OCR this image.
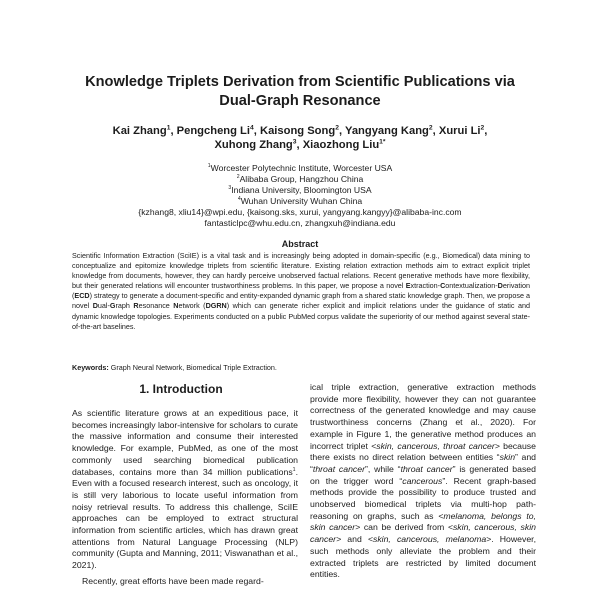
Knowledge Triplets Derivation from Scientific Publications via
Dual-Graph Resonance
Kai Zhang$^1$, Pengcheng Li$^4$, Kaisong Song$^2$, Yangyang Kang$^2$, Xurui Li$^2$,
Xuhong Zhang$^3$, Xiaozhong Liu$^{1*}$
$^1$Worcester Polytechnic Institute, Worcester USA
$^2$Alibaba Group, Hangzhou China
$^3$Indiana University, Bloomington USA
$^4$Wuhan University Wuhan China
{kzhang8, xliu14}@wpi.edu, {kaisong.sks, xurui, yangyang.kangyy}@alibaba-inc.com
fantasticlpc@whu.edu.cn, zhangxuh@indiana.edu
Abstract
Scientific Information Extraction (SciIE) is a vital task and is increasingly being adopted in domain-specific (e.g., Biomedical) data mining to conceptualize and epitomize knowledge triplets from scientific literature. Existing relation extraction methods aim to extract explicit triplet knowledge from documents, however, they can hardly perceive unobserved factual relations. Recent generative methods have more flexibility, but their generated relations will encounter trustworthiness problems. In this paper, we propose a novel Extraction-Contextualization-Derivation (ECD) strategy to generate a document-specific and entity-expanded dynamic graph from a shared static knowledge graph. Then, we propose a novel Dual-Graph Resonance Network (DGRN) which can generate richer explicit and implicit relations under the guidance of static and dynamic knowledge topologies. Experiments conducted on a public PubMed corpus validate the superiority of our method against several state-of-the-art baselines.
Keywords: Graph Neural Network, Biomedical Triple Extraction.
1. Introduction

As scientific literature grows at an expeditious pace, it becomes increasingly labor-intensive for scholars to curate the massive information and consume their interested knowledge. For example, PubMed, as one of the most commonly used searching biomedical publication databases, contains more than 34 million publications$^1$. Even with a focused research interest, such as oncology, it is still very laborious to locate useful information from noisy retrieval results. To address this challenge, SciIE approaches can be employed to extract structural information from scientific articles, which has drawn great attentions from Natural Language Processing (NLP) community (Gupta and Manning, 2011; Viswanathan et al., 2021).

Recently, great efforts have been made regard-

ical triple extraction, generative extraction methods provide more flexibility, however they can not guarantee correctness of the generated knowledge and may cause trustworthiness concerns (Zhang et al., 2020). For example in Figure 1, the generative method produces an incorrect triplet <skin, cancerous, throat cancer> because there exists no direct relation between entities “skin” and “throat cancer”, while “throat cancer” is generated based on the trigger word “cancerous”. Recent graph-based methods provide the possibility to produce trusted and unobserved biomedical triplets via multi-hop path-reasoning on graphs, such as <melanoma, belongs to, skin cancer> can be derived from <skin, cancerous, skin cancer> and <skin, cancerous, melanoma>. However, such methods only alleviate the problem and their extracted triplets are restricted by limited document entities.
